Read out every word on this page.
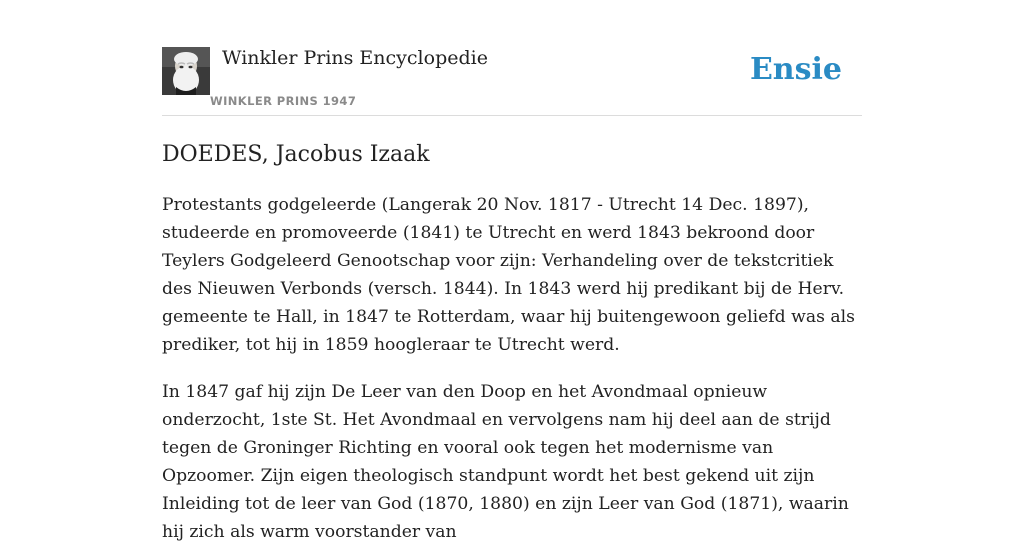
Winkler Prins Encyclopedie
WINKLER PRINS 1947
Ensie
DOEDES, Jacobus Izaak

Protestants godgeleerde (Langerak 20 Nov. 1817 - Utrecht 14 Dec. 1897), studeerde en promoveerde (1841) te Utrecht en werd 1843 bekroond door Teylers Godgeleerd Genootschap voor zijn: Verhandeling over de tekstcritiek des Nieuwen Verbonds (versch. 1844). In 1843 werd hij predikant bij de Herv. gemeente te Hall, in 1847 te Rotterdam, waar hij buitengewoon geliefd was als prediker, tot hij in 1859 hoogleraar te Utrecht werd.

In 1847 gaf hij zijn De Leer van den Doop en het Avondmaal opnieuw onderzocht, 1ste St. Het Avondmaal en vervolgens nam hij deel aan de strijd tegen de Groninger Richting en vooral ook tegen het modernisme van Opzoomer. Zijn eigen theologisch standpunt wordt het best gekend uit zijn Inleiding tot de leer van God (1870, 1880) en zijn Leer van God (1871), waarin hij zich als warm voorstander van
